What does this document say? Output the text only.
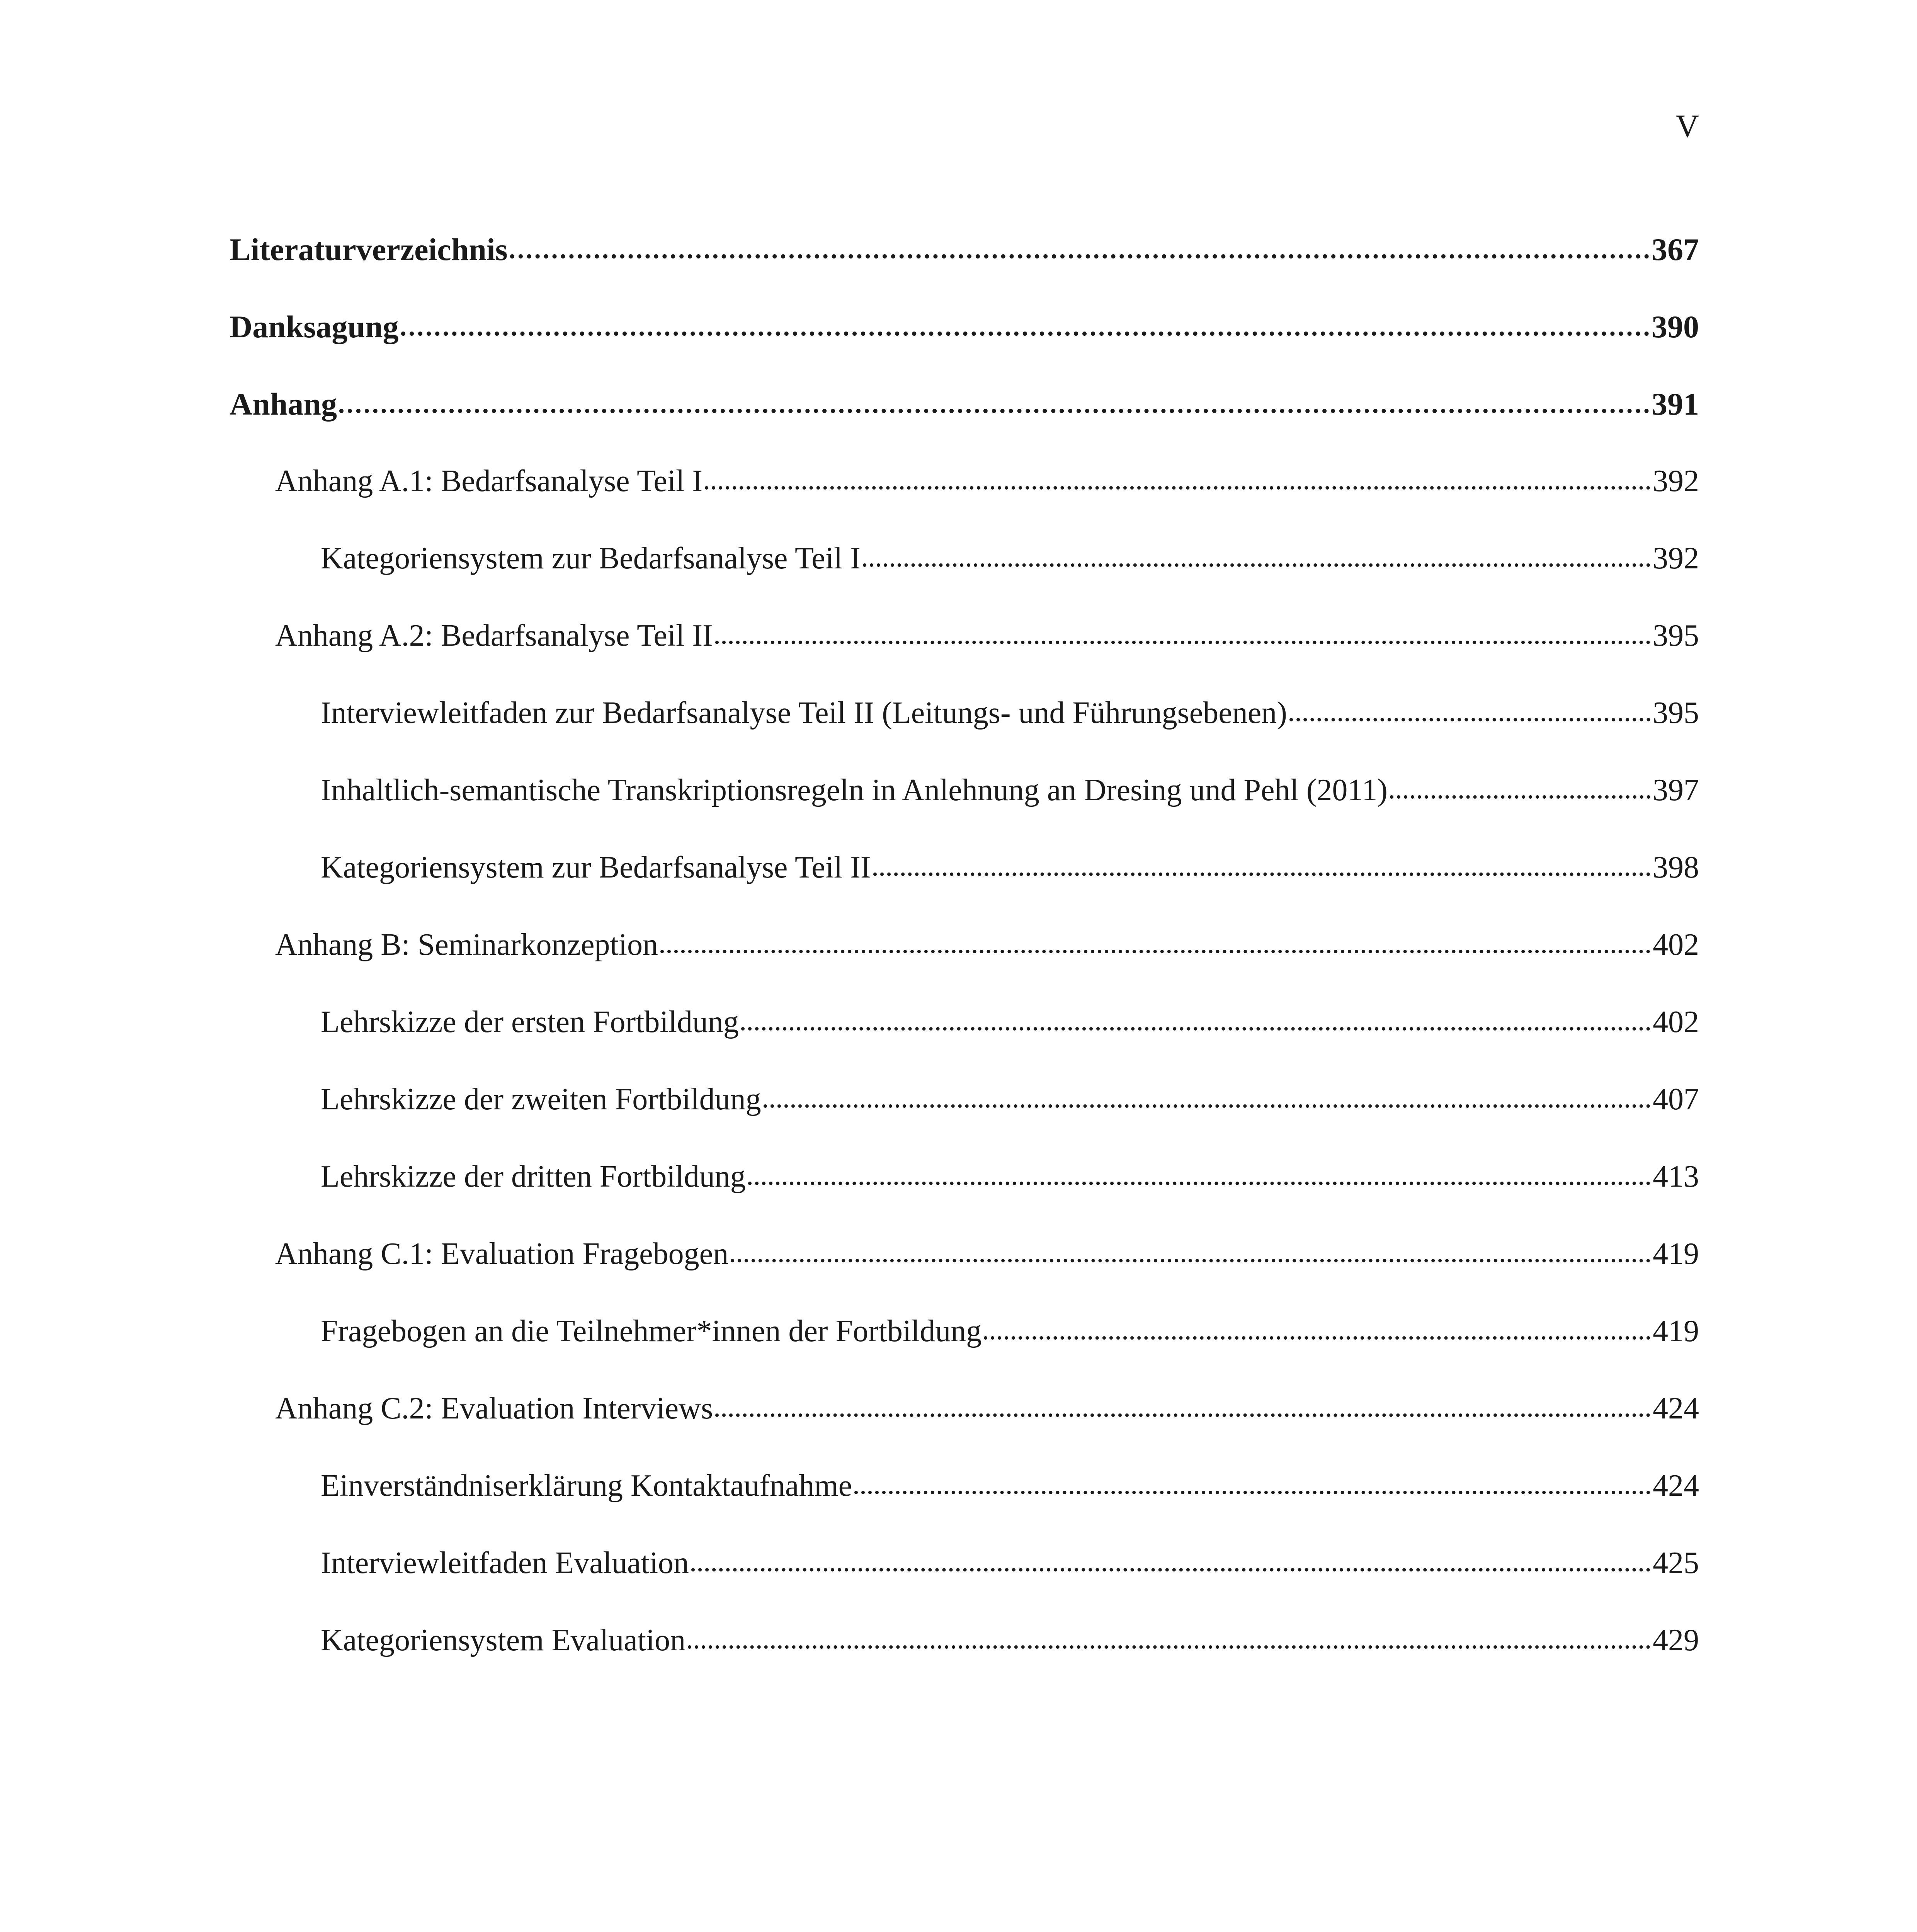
V
Literaturverzeichnis	367
Danksagung	390
Anhang	391
Anhang A.1: Bedarfsanalyse Teil I	392
Kategoriensystem zur Bedarfsanalyse Teil I	392
Anhang A.2: Bedarfsanalyse Teil II	395
Interviewleitfaden zur Bedarfsanalyse Teil II (Leitungs- und Führungsebenen)	395
Inhaltlich-semantische Transkriptionsregeln in Anlehnung an Dresing und Pehl (2011)	397
Kategoriensystem zur Bedarfsanalyse Teil II	398
Anhang B: Seminarkonzeption	402
Lehrskizze der ersten Fortbildung	402
Lehrskizze der zweiten Fortbildung	407
Lehrskizze der dritten Fortbildung	413
Anhang C.1: Evaluation Fragebogen	419
Fragebogen an die Teilnehmer*innen der Fortbildung	419
Anhang C.2: Evaluation Interviews	424
Einverständniserklärung Kontaktaufnahme	424
Interviewleitfaden Evaluation	425
Kategoriensystem Evaluation	429
